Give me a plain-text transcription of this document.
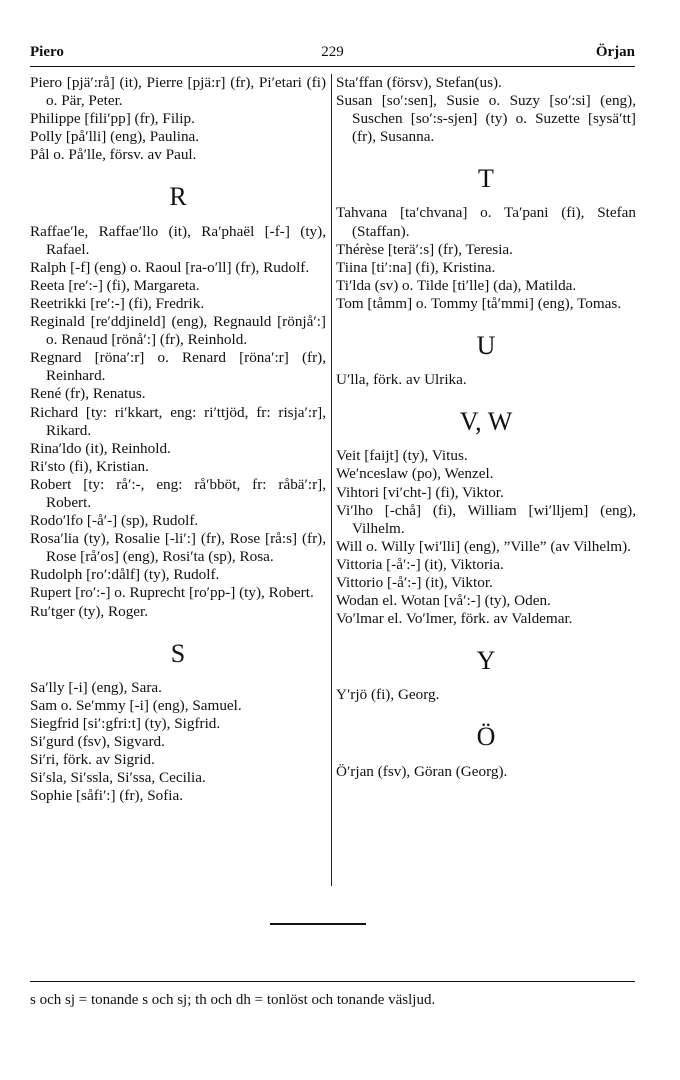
Piero	229	Örjan

Piero [pjä′:rå] (it), Pierre [pjä:r] (fr), Pi′etari (fi) o. Pär, Peter.

Philippe [fili′pp] (fr), Filip.

Polly [på′lli] (eng), Paulina.

Pål o. På′lle, försv. av Paul.

R

Raffae′le, Raffae′llo (it), Ra′phaël [-f-] (ty), Rafael.

Ralph [-f] (eng) o. Raoul [ra-o′ll] (fr), Rudolf.

Reeta [re′:-] (fi), Margareta.

Reetrikki [re′:-] (fi), Fredrik.

Reginald [re′ddjineld] (eng), Regnauld [rönjå′:] o. Renaud [rönå′:] (fr), Reinhold.

Regnard [röna′:r] o. Renard [röna′:r] (fr), Reinhard.

René (fr), Renatus.

Richard [ty: ri′kkart, eng: ri′ttjöd, fr: risja′:r], Rikard.

Rina′ldo (it), Reinhold.

Ri′sto (fi), Kristian.

Robert [ty: rå′:-, eng: rå′bböt, fr: råbä′:r], Robert.

Rodo′lfo [-å′-] (sp), Rudolf.

Rosa′lia (ty), Rosalie [-li′:] (fr), Rose [rå:s] (fr), Rose [rå′os] (eng), Rosi′ta (sp), Rosa.

Rudolph [ro′:dålf] (ty), Rudolf.

Rupert [ro′:-] o. Ruprecht [ro′pp-] (ty), Robert.

Ru′tger (ty), Roger.

S

Sa′lly [-i] (eng), Sara.

Sam o. Se′mmy [-i] (eng), Samuel.

Siegfrid [si′:gfri:t] (ty), Sigfrid.

Si′gurd (fsv), Sigvard.

Si′ri, förk. av Sigrid.

Si′sla, Si′ssla, Si′ssa, Cecilia.

Sophie [såfi′:] (fr), Sofia.

Sta′ffan (försv), Stefan(us).

Susan [so′:sen], Susie o. Suzy [so′:si] (eng), Suschen [so′:s-sjen] (ty) o. Suzette [sysä′tt] (fr), Susanna.

T

Tahvana [ta′chvana] o. Ta′pani (fi), Stefan (Staffan).

Thérèse [terä′:s] (fr), Teresia.

Tiina [ti′:na] (fi), Kristina.

Ti′lda (sv) o. Tilde [ti′lle] (da), Matilda.

Tom [tåmm] o. Tommy [tå′mmi] (eng), Tomas.

U

U′lla, förk. av Ulrika.

V, W

Veit [faijt] (ty), Vitus.

We′nceslaw (po), Wenzel.

Vihtori [vi′cht-] (fi), Viktor.

Vi′lho [-chå] (fi), William [wi′lljem] (eng), Vilhelm.

Will o. Willy [wi′lli] (eng), ”Ville” (av Vilhelm).

Vittoria [-å′:-] (it), Viktoria.

Vittorio [-å′:-] (it), Viktor.

Wodan el. Wotan [vå′:-] (ty), Oden.

Vo′lmar el. Vo′lmer, förk. av Valdemar.

Y

Y′rjö (fi), Georg.

Ö

Ö′rjan (fsv), Göran (Georg).

s och sj = tonande s och sj; th och dh = tonlöst och tonande väsljud.
